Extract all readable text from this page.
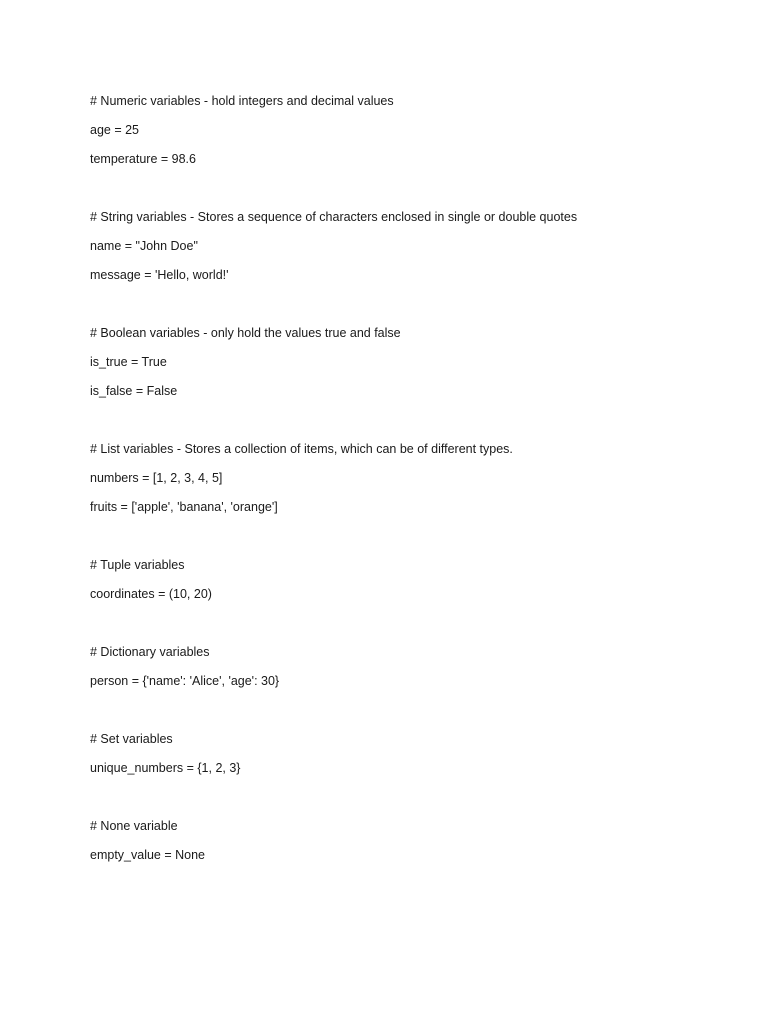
# Numeric variables - hold integers and decimal values
age = 25
temperature = 98.6
# String variables - Stores a sequence of characters enclosed in single or double quotes
name = "John Doe"
message = 'Hello, world!'
# Boolean variables - only hold the values true and false
is_true = True
is_false = False
# List variables - Stores a collection of items, which can be of different types.
numbers = [1, 2, 3, 4, 5]
fruits = ['apple', 'banana', 'orange']
# Tuple variables
coordinates = (10, 20)
# Dictionary variables
person = {'name': 'Alice', 'age': 30}
# Set variables
unique_numbers = {1, 2, 3}
# None variable
empty_value = None
